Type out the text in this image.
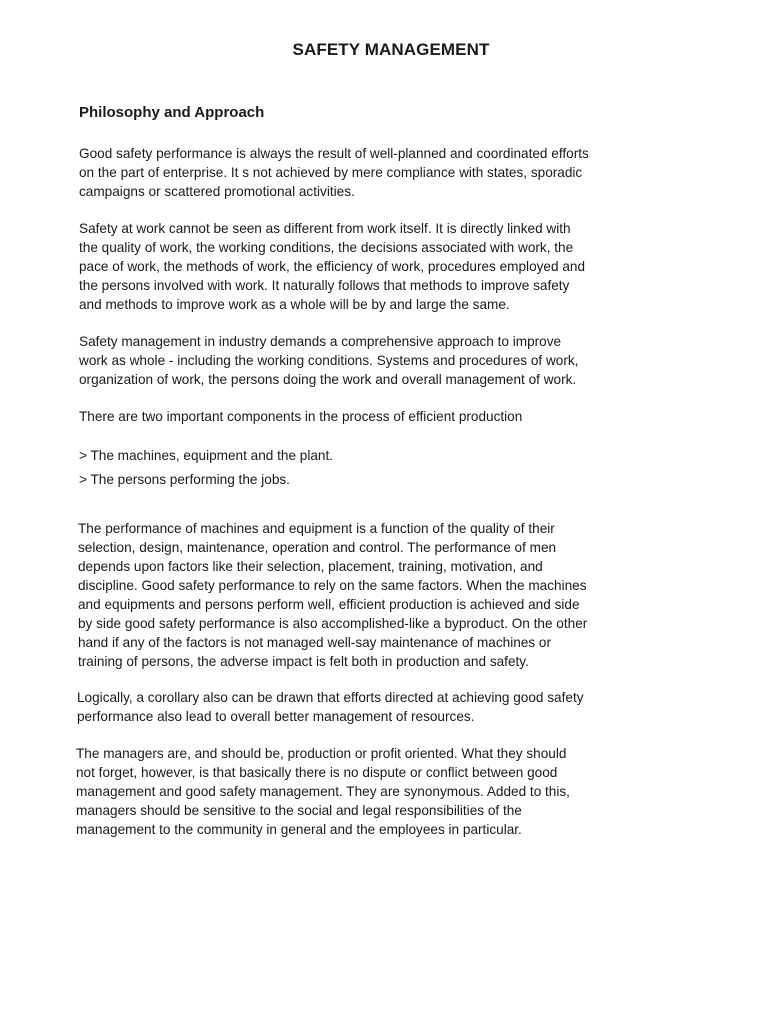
SAFETY MANAGEMENT
Philosophy and Approach

Good safety performance is always the result of well-planned and coordinated efforts
on the part of enterprise. It s not achieved by mere compliance with states, sporadic
campaigns or scattered promotional activities.

Safety at work cannot be seen as different from work itself. It is directly linked with
the quality of work, the working conditions, the decisions associated with work, the
pace of work, the methods of work, the efficiency of work, procedures employed and
the persons involved with work. It naturally follows that methods to improve safety
and methods to improve work as a whole will be by and large the same.

Safety management in industry demands a comprehensive approach to improve
work as whole - including the working conditions. Systems and procedures of work,
organization of work, the persons doing the work and overall management of work.

There are two important components in the process of efficient production

> The machines, equipment and the plant.

> The persons performing the jobs.

The performance of machines and equipment is a function of the quality of their
selection, design, maintenance, operation and control. The performance of men
depends upon factors like their selection, placement, training, motivation, and
discipline. Good safety performance to rely on the same factors. When the machines
and equipments and persons perform well, efficient production is achieved and side
by side good safety performance is also accomplished-like a byproduct. On the other
hand if any of the factors is not managed well-say maintenance of machines or
training of persons, the adverse impact is felt both in production and safety.

Logically, a corollary also can be drawn that efforts directed at achieving good safety
performance also lead to overall better management of resources.

The managers are, and should be, production or profit oriented. What they should
not forget, however, is that basically there is no dispute or conflict between good
management and good safety management. They are synonymous. Added to this,
managers should be sensitive to the social and legal responsibilities of the
management to the community in general and the employees in particular.
